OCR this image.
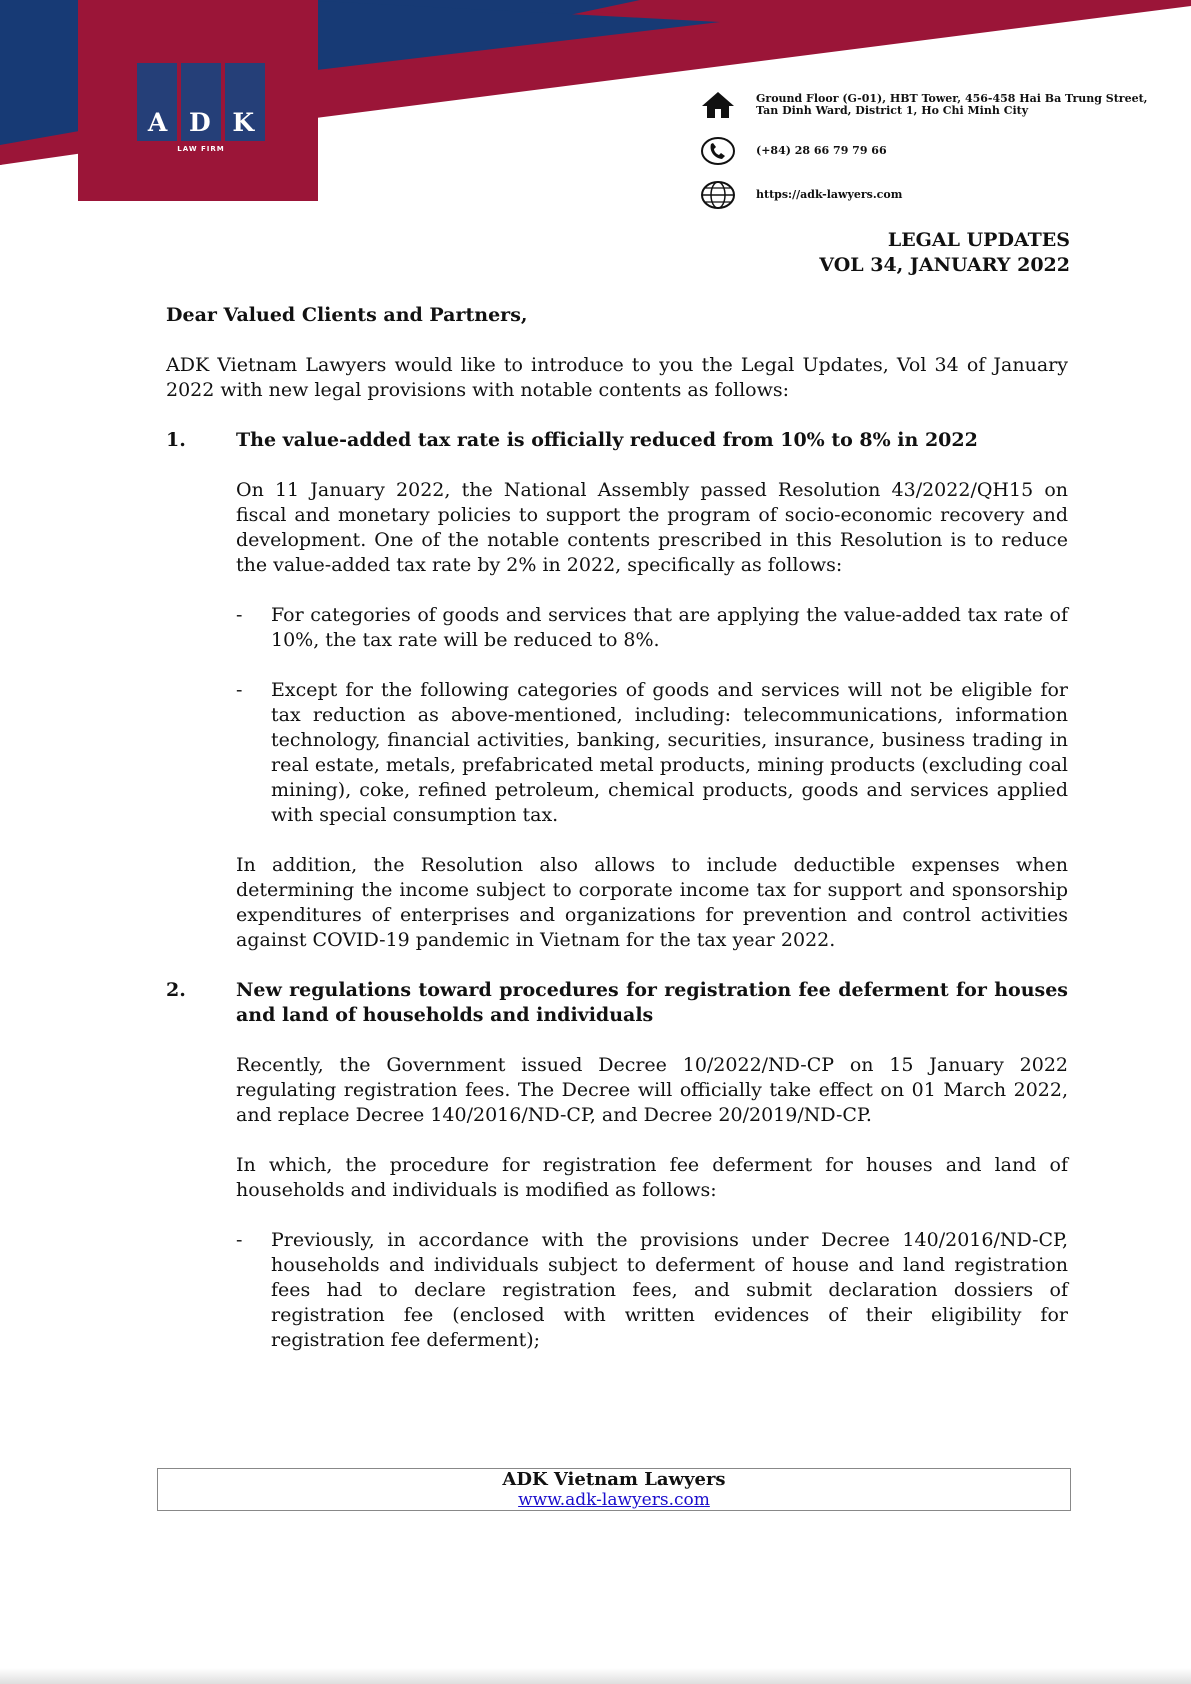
A D K
LAW FIRM
Ground Floor (G-01), HBT Tower, 456-458 Hai Ba Trung Street,
Tan Dinh Ward, District 1, Ho Chi Minh City
(+84) 28 66 79 79 66
https://adk-lawyers.com
LEGAL UPDATES
VOL 34, JANUARY 2022

Dear Valued Clients and Partners,

ADK Vietnam Lawyers would like to introduce to you the Legal Updates, Vol 34 of January 2022 with new legal provisions with notable contents as follows:

1.	The value-added tax rate is officially reduced from 10% to 8% in 2022

On 11 January 2022, the National Assembly passed Resolution 43/2022/QH15 on fiscal and monetary policies to support the program of socio-economic recovery and development. One of the notable contents prescribed in this Resolution is to reduce the value-added tax rate by 2% in 2022, specifically as follows:

-	For categories of goods and services that are applying the value-added tax rate of 10%, the tax rate will be reduced to 8%.
-	Except for the following categories of goods and services will not be eligible for tax reduction as above-mentioned, including: telecommunications, information technology, financial activities, banking, securities, insurance, business trading in real estate, metals, prefabricated metal products, mining products (excluding coal mining), coke, refined petroleum, chemical products, goods and services applied with special consumption tax.

In addition, the Resolution also allows to include deductible expenses when determining the income subject to corporate income tax for support and sponsorship expenditures of enterprises and organizations for prevention and control activities against COVID-19 pandemic in Vietnam for the tax year 2022.

2.	New regulations toward procedures for registration fee deferment for houses and land of households and individuals

Recently, the Government issued Decree 10/2022/ND-CP on 15 January 2022 regulating registration fees. The Decree will officially take effect on 01 March 2022, and replace Decree 140/2016/ND-CP, and Decree 20/2019/ND-CP.

In which, the procedure for registration fee deferment for houses and land of households and individuals is modified as follows:

-	Previously, in accordance with the provisions under Decree 140/2016/ND-CP, households and individuals subject to deferment of house and land registration fees had to declare registration fees, and submit declaration dossiers of registration fee (enclosed with written evidences of their eligibility for registration fee deferment);
ADK Vietnam Lawyers
www.adk-lawyers.com
